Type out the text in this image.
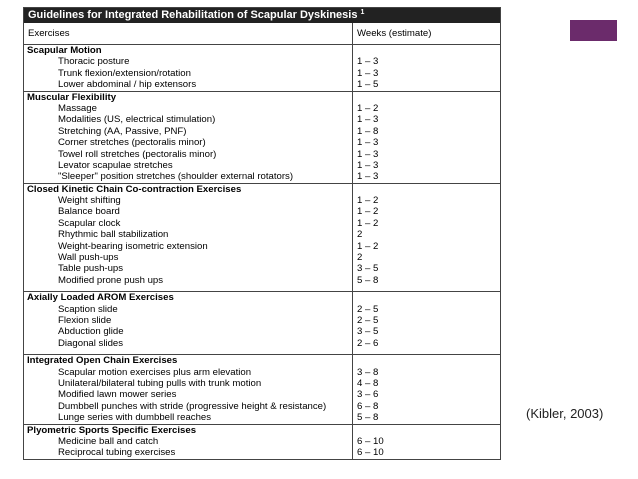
Guidelines for Integrated Rehabilitation of Scapular Dyskinesis $^1$
Exercises	Weeks (estimate)
Scapular Motion
Thoracic posture	1 – 3
Trunk flexion/extension/rotation	1 – 3
Lower abdominal / hip extensors	1 – 5
Muscular Flexibility
Massage	1 – 2
Modalities (US, electrical stimulation)	1 – 3
Stretching (AA, Passive, PNF)	1 – 8
Corner stretches (pectoralis minor)	1 – 3
Towel roll stretches (pectoralis minor)	1 – 3
Levator scapulae stretches	1 – 3
"Sleeper" position stretches (shoulder external rotators)	1 – 3
Closed Kinetic Chain Co-contraction Exercises
Weight shifting	1 – 2
Balance board	1 – 2
Scapular clock	1 – 2
Rhythmic ball stabilization	2
Weight-bearing isometric extension	1 – 2
Wall push-ups	2
Table push-ups	3 – 5
Modified prone push ups	5 – 8
Axially Loaded AROM Exercises
Scaption slide	2 – 5
Flexion slide	2 – 5
Abduction glide	3 – 5
Diagonal slides	2 – 6
Integrated Open Chain Exercises
Scapular motion exercises plus arm elevation	3 – 8
Unilateral/bilateral tubing pulls with trunk motion	4 – 8
Modified lawn mower series	3 – 6
Dumbbell punches with stride (progressive height & resistance)	6 – 8
Lunge series with dumbbell reaches	5 – 8
Plyometric Sports Specific Exercises
Medicine ball and catch	6 – 10
Reciprocal tubing exercises	6 – 10
(Kibler, 2003)
